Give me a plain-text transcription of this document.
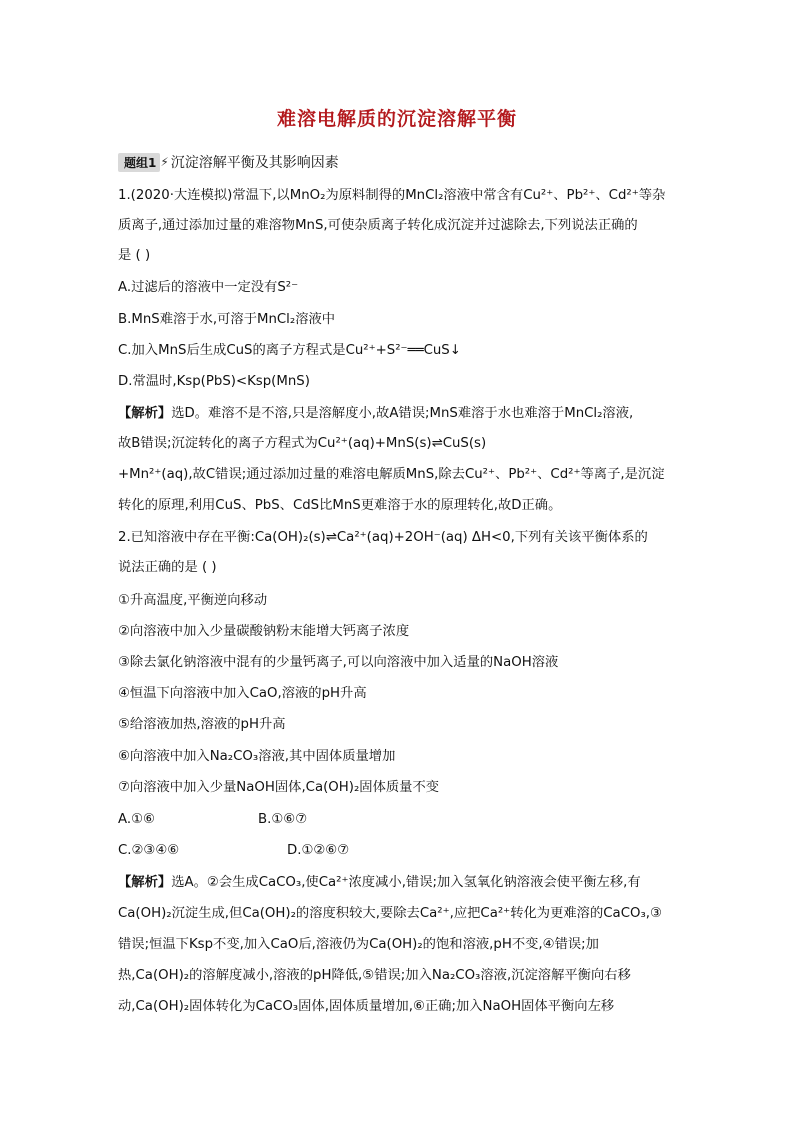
难溶电解质的沉淀溶解平衡
题组1 ⚡ 沉淀溶解平衡及其影响因素
1.(2020·大连模拟)常温下,以MnO₂为原料制得的MnCl₂溶液中常含有Cu²⁺、Pb²⁺、Cd²⁺等杂
质离子,通过添加过量的难溶物MnS,可使杂质离子转化成沉淀并过滤除去,下列说法正确的
是 ( )
A.过滤后的溶液中一定没有S²⁻
B.MnS难溶于水,可溶于MnCl₂溶液中
C.加入MnS后生成CuS的离子方程式是Cu²⁺+S²⁻══CuS↓
D.常温时,Ksp(PbS)<Ksp(MnS)
【解析】选D。难溶不是不溶,只是溶解度小,故A错误;MnS难溶于水也难溶于MnCl₂溶液,
故B错误;沉淀转化的离子方程式为Cu²⁺(aq)+MnS(s)⇌CuS(s)
+Mn²⁺(aq),故C错误;通过添加过量的难溶电解质MnS,除去Cu²⁺、Pb²⁺、Cd²⁺等离子,是沉淀
转化的原理,利用CuS、PbS、CdS比MnS更难溶于水的原理转化,故D正确。
2.已知溶液中存在平衡:Ca(OH)₂(s)⇌Ca²⁺(aq)+2OH⁻(aq) ΔH<0,下列有关该平衡体系的
说法正确的是 ( )
①升高温度,平衡逆向移动
②向溶液中加入少量碳酸钠粉末能增大钙离子浓度
③除去氯化钠溶液中混有的少量钙离子,可以向溶液中加入适量的NaOH溶液
④恒温下向溶液中加入CaO,溶液的pH升高
⑤给溶液加热,溶液的pH升高
⑥向溶液中加入Na₂CO₃溶液,其中固体质量增加
⑦向溶液中加入少量NaOH固体,Ca(OH)₂固体质量不变
A.①⑥	B.①⑥⑦
C.②③④⑥	D.①②⑥⑦
【解析】选A。②会生成CaCO₃,使Ca²⁺浓度减小,错误;加入氢氧化钠溶液会使平衡左移,有
Ca(OH)₂沉淀生成,但Ca(OH)₂的溶度积较大,要除去Ca²⁺,应把Ca²⁺转化为更难溶的CaCO₃,③
错误;恒温下Ksp不变,加入CaO后,溶液仍为Ca(OH)₂的饱和溶液,pH不变,④错误;加
热,Ca(OH)₂的溶解度减小,溶液的pH降低,⑤错误;加入Na₂CO₃溶液,沉淀溶解平衡向右移
动,Ca(OH)₂固体转化为CaCO₃固体,固体质量增加,⑥正确;加入NaOH固体平衡向左移
